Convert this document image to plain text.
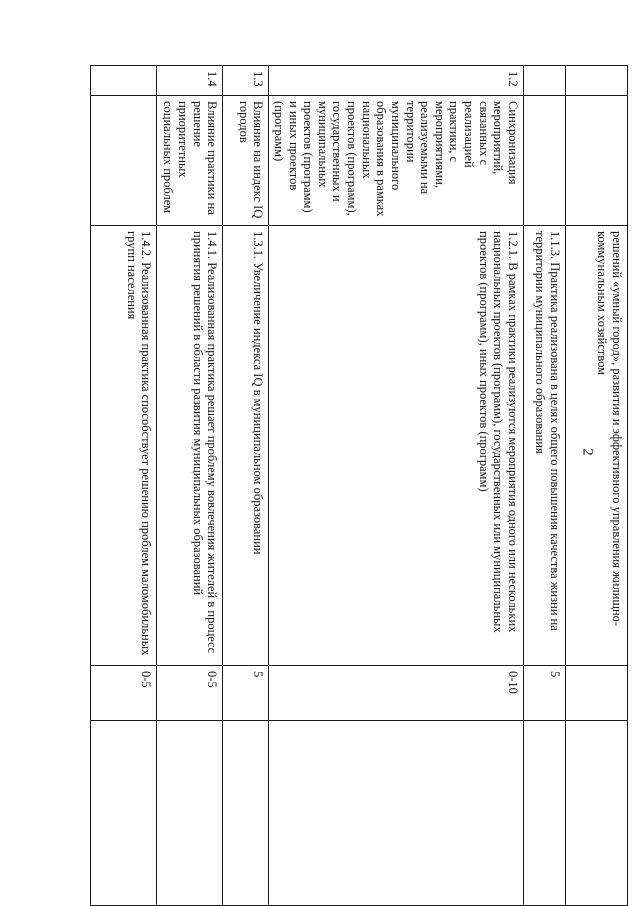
2
		решений «умный город», развития и эффективного управления жилищно-коммунальным хозяйством		
		1.1.3. Практика реализована в целях общего повышения качества жизни на территории муниципального образования	5	
1.2	Синхронизация мероприятий, связанных с реализацией практики, с мероприятиями, реализуемыми на территории муниципального образования в рамках национальных проектов (программ), государственных и муниципальных проектов (программ) и иных проектов (программ)	1.2.1. В рамках практики реализуются мероприятия одного или нескольких национальных проектов (программ), государственных или муниципальных проектов (программ), иных проектов (программ)	0-10	
1.3	Влияние на индекс IQ городов	1.3.1. Увеличение индекса IQ в муниципальном образовании	5	
1.4	Влияние практики на решение приоритетных социальных проблем	1.4.1. Реализованная практика решает проблему вовлечения жителей в процесс принятия решений в области развития муниципальных образований	0-5	
		1.4.2. Реализованная практика способствует решению проблем маломобильных групп населения	0-5	
